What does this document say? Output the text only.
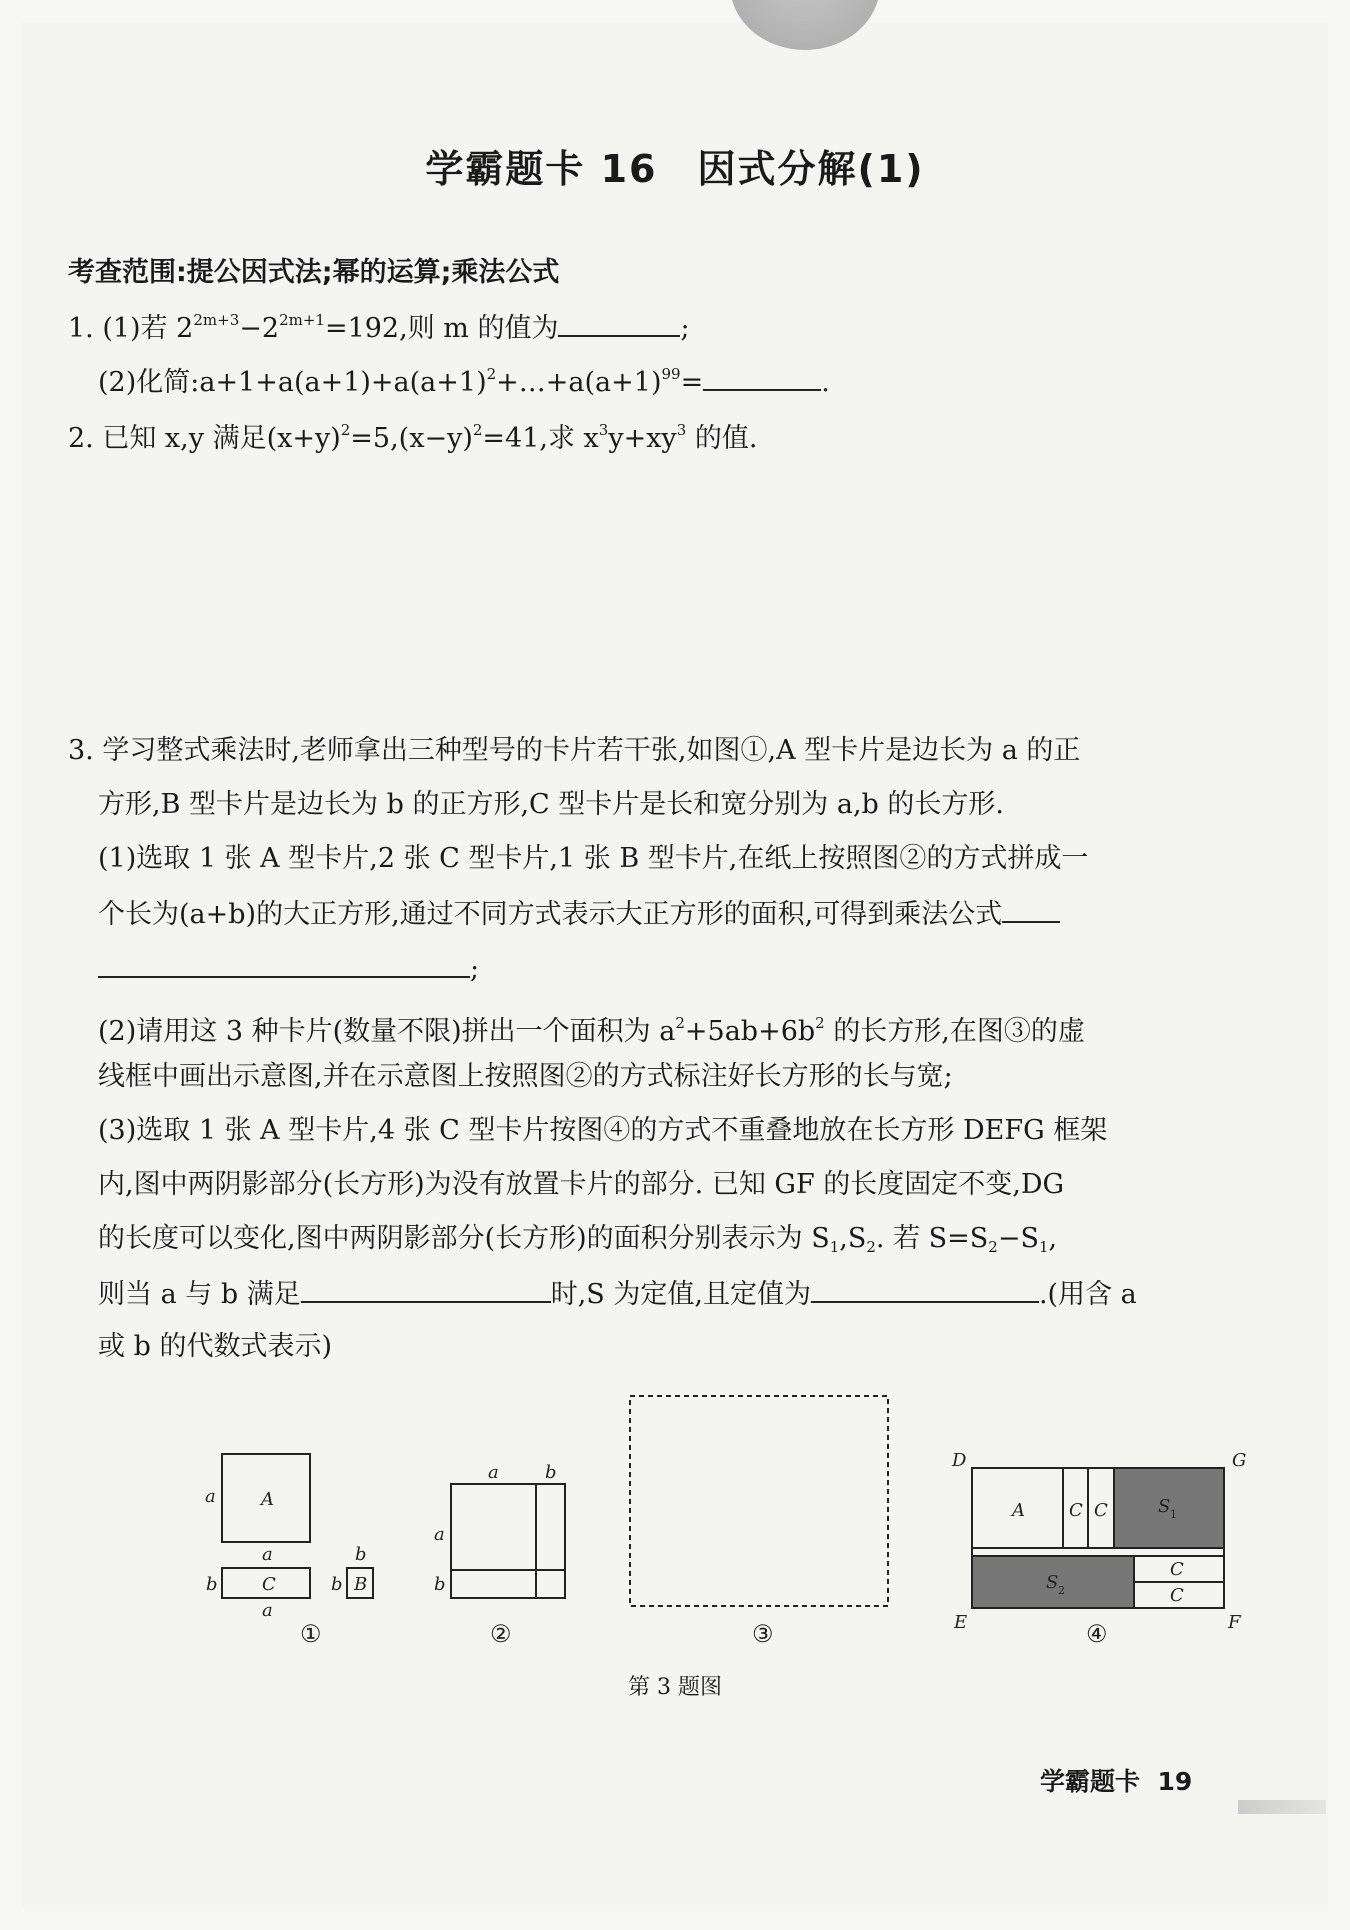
学霸题卡 16　因式分解(1)
考查范围:提公因式法;幂的运算;乘法公式
1. (1)若 $2^{2m+3}-2^{2m+1}=192$,则 m 的值为	;
(2)化简$:a+1+a(a+1)+a(a+1)^2+\dots+a(a+1)^{99}=$	.
2. 已知 x,y 满足$(x+y)^2=5,(x-y)^2=41$,求 $x^3y+xy^3$ 的值.
3. 学习整式乘法时,老师拿出三种型号的卡片若干张,如图①,A 型卡片是边长为 a 的正
方形,B 型卡片是边长为 b 的正方形,C 型卡片是长和宽分别为 a,b 的长方形.
(1)选取 1 张 A 型卡片,2 张 C 型卡片,1 张 B 型卡片,在纸上按照图②的方式拼成一
个长为(a+b)的大正方形,通过不同方式表示大正方形的面积,可得到乘法公式
;
(2)请用这 3 种卡片(数量不限)拼出一个面积为 $a^2+5ab+6b^2$ 的长方形,在图③的虚
线框中画出示意图,并在示意图上按照图②的方式标注好长方形的长与宽;
(3)选取 1 张 A 型卡片,4 张 C 型卡片按图④的方式不重叠地放在长方形 DEFG 框架
内,图中两阴影部分(长方形)为没有放置卡片的部分. 已知 GF 的长度固定不变,DG
的长度可以变化,图中两阴影部分(长方形)的面积分别表示为 $S_1,S_2$. 若 $S=S_2-S_1$,
则当 a 与 b 满足	时,S 为定值,且定值为	.(用含 a
或 b 的代数式表示)
A
a
a
b C
a
b
b B
a	b
a
b
D	G
E	F
A C C
C
C
S
S
1
2
①	②	③	④
第 3 题图
学霸题卡 19
